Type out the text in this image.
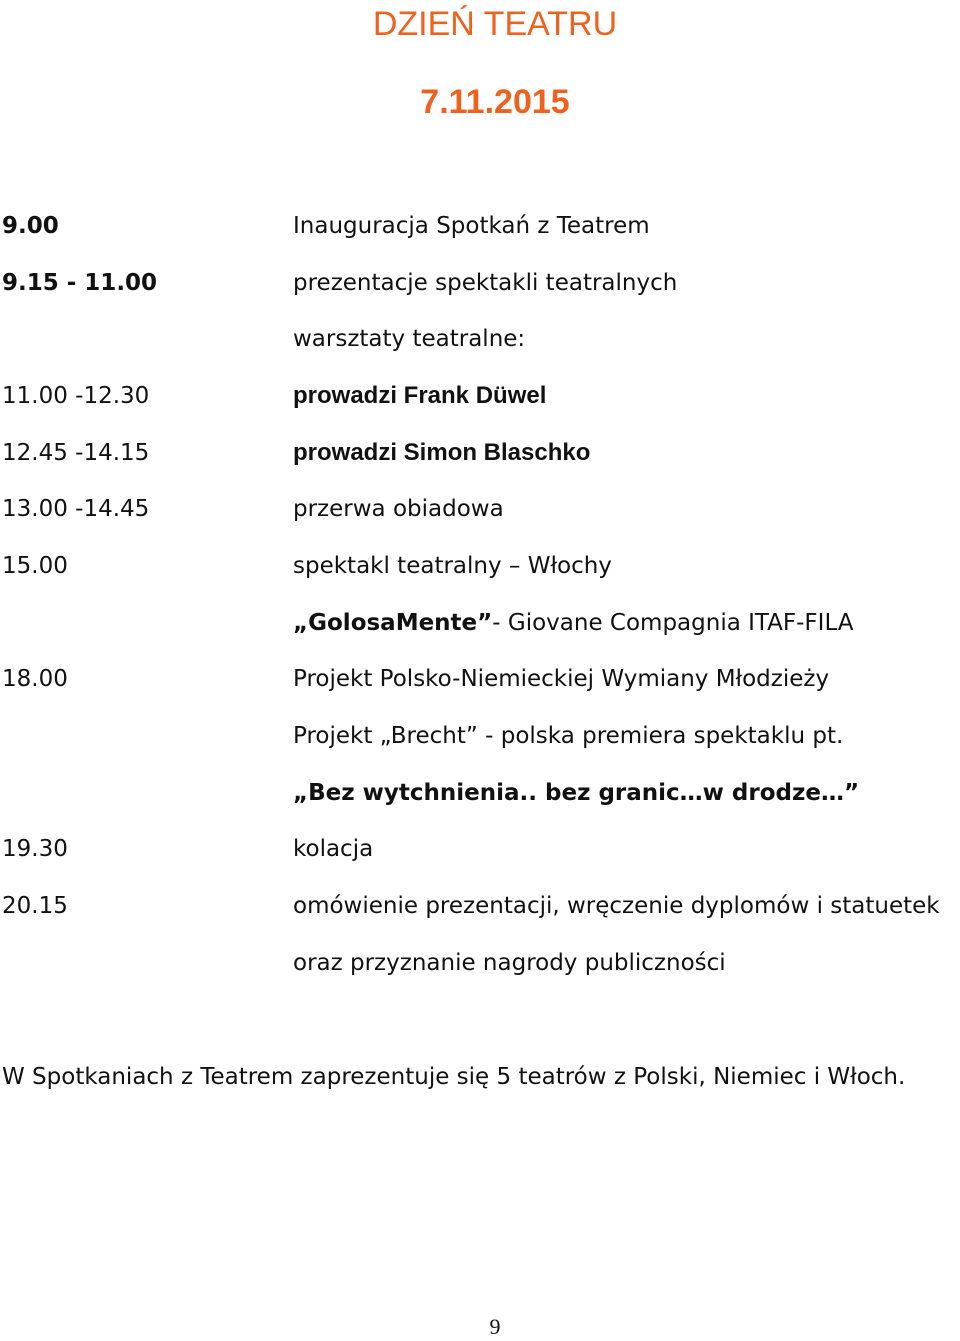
DZIEŃ TEATRU
7.11.2015
9.00	Inauguracja Spotkań z Teatrem
9.15 - 11.00	prezentacje spektakli teatralnych
warsztaty teatralne:
11.00 -12.30	prowadzi Frank Düwel
12.45 -14.15	prowadzi Simon Blaschko
13.00 -14.45	przerwa obiadowa
15.00	spektakl teatralny – Włochy
„GolosaMente”- Giovane Compagnia ITAF-FILA
18.00	Projekt Polsko-Niemieckiej Wymiany Młodzieży
Projekt „Brecht” - polska premiera spektaklu pt.
„Bez wytchnienia.. bez granic…w drodze…”
19.30	kolacja
20.15	omówienie prezentacji, wręczenie dyplomów i statuetek
oraz przyznanie nagrody publiczności
W Spotkaniach z Teatrem zaprezentuje się 5 teatrów z Polski, Niemiec i Włoch.
9
